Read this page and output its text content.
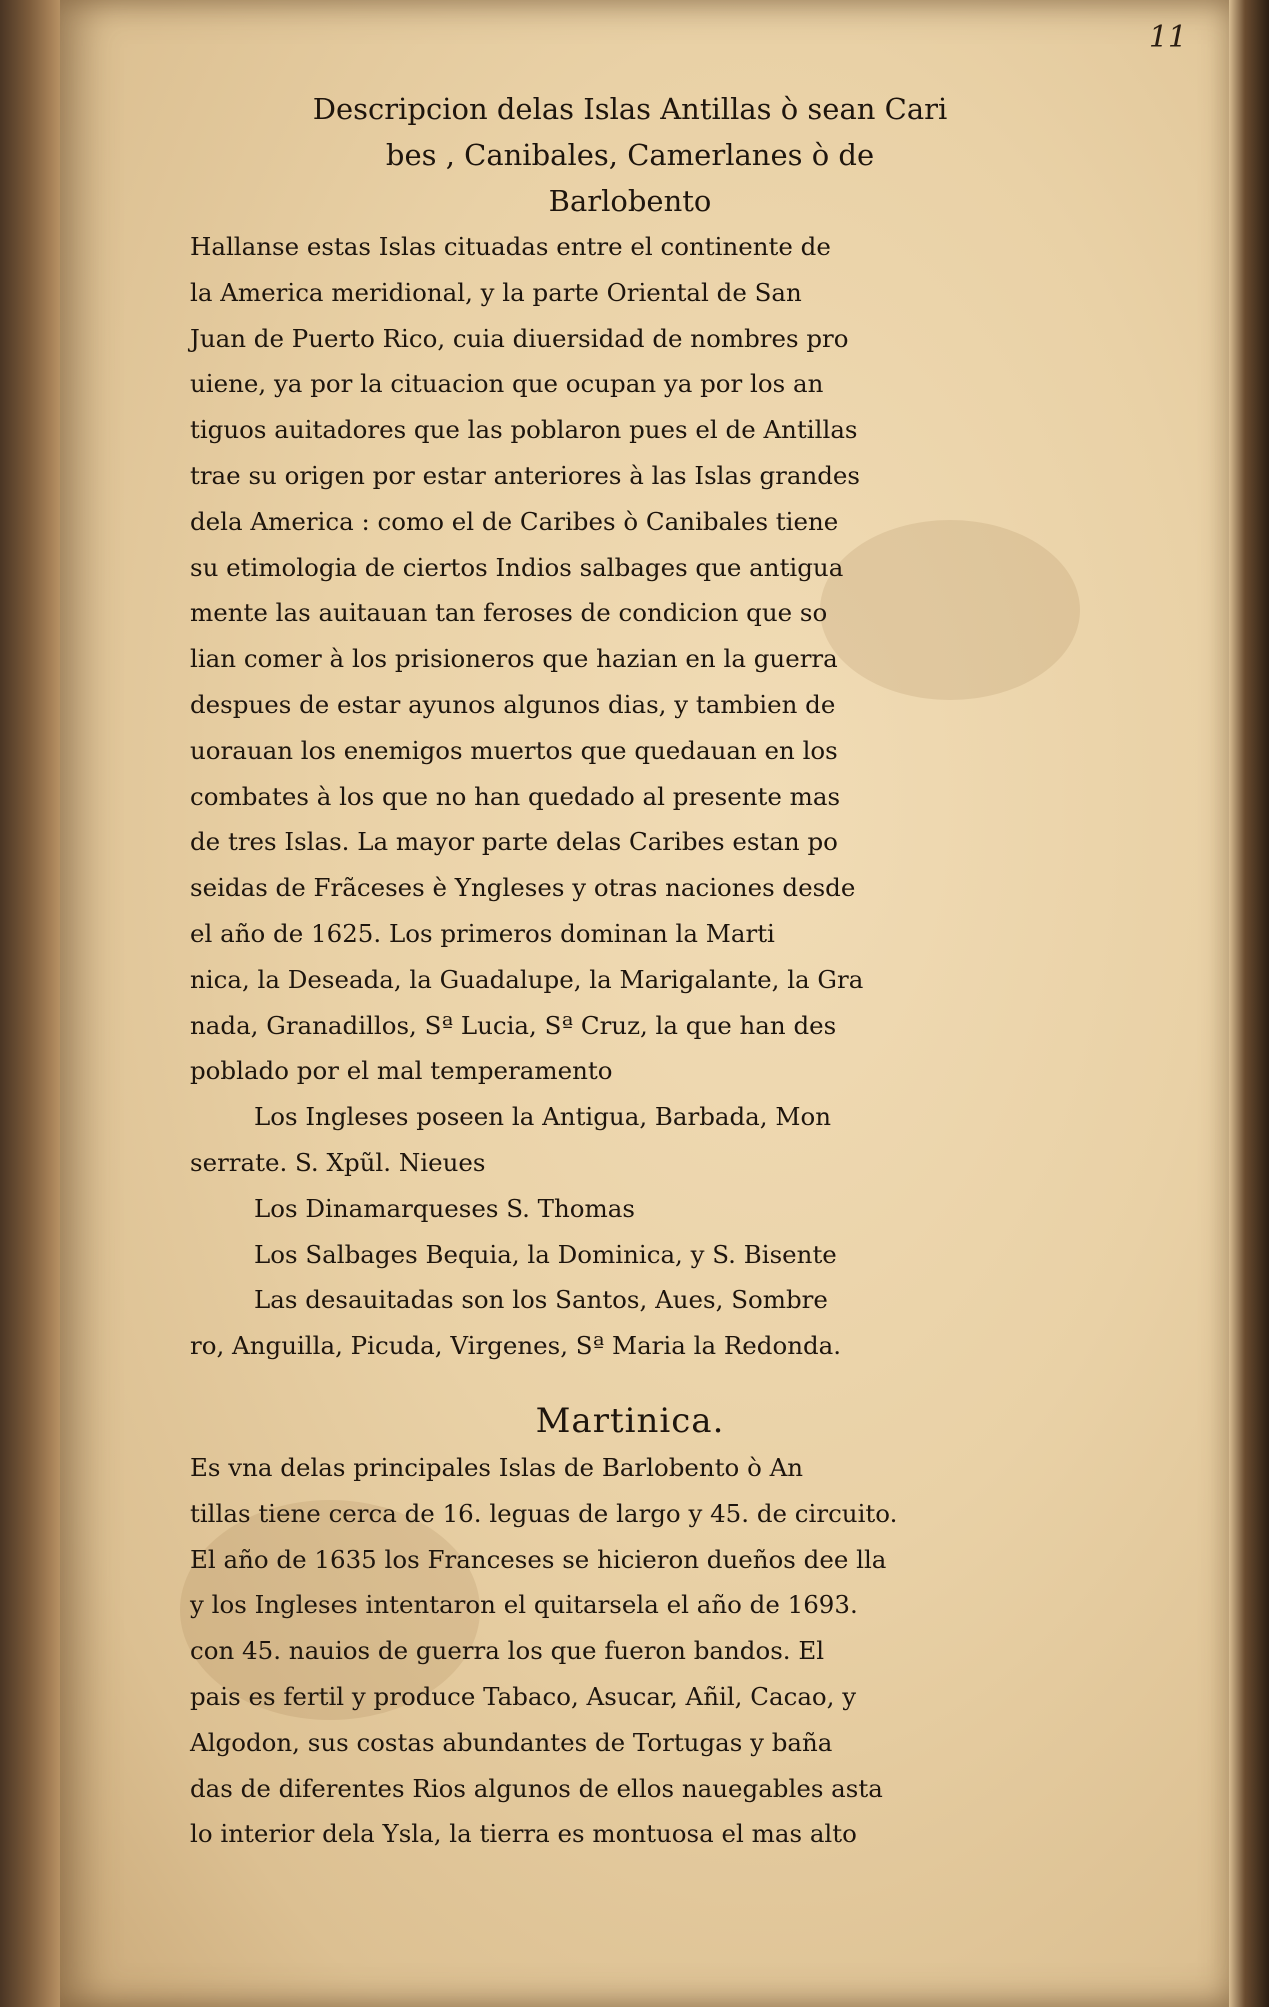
11
Descripcion delas Islas Antillas ò sean Cari
bes , Canibales, Camerlanes ò de
Barlobento

Hallanse estas Islas cituadas entre el continente de
la America meridional, y la parte Oriental de San
Juan de Puerto Rico, cuia diuersidad de nombres pro
uiene, ya por la cituacion que ocupan ya por los an
tiguos auitadores que las poblaron pues el de Antillas
trae su origen por estar anteriores à las Islas grandes
dela America : como el de Caribes ò Canibales tiene
su etimologia de ciertos Indios salbages que antigua
mente las auitauan tan feroses de condicion que so
lian comer à los prisioneros que hazian en la guerra
despues de estar ayunos algunos dias, y tambien de
uorauan los enemigos muertos que quedauan en los
combates à los que no han quedado al presente mas
de tres Islas. La mayor parte delas Caribes estan po
seidas de Frãceses è Yngleses y otras naciones desde
el año de 1625. Los primeros dominan la Marti
nica, la Deseada, la Guadalupe, la Marigalante, la Gra
nada, Granadillos, Sª Lucia, Sª Cruz, la que han des
poblado por el mal temperamento

Los Ingleses poseen la Antigua, Barbada, Mon
serrate. S. Xpũl. Nieues
Los Dinamarqueses S. Thomas
Los Salbages Bequia, la Dominica, y S. Bisente
Las desauitadas son los Santos, Aues, Sombre
ro, Anguilla, Picuda, Virgenes, Sª Maria la Redonda.

Martinica.

Es vna delas principales Islas de Barlobento ò An
tillas tiene cerca de 16. leguas de largo y 45. de circuito.
El año de 1635 los Franceses se hicieron dueños dee lla
y los Ingleses intentaron el quitarsela el año de 1693.
con 45. nauios de guerra los que fueron bandos. El
pais es fertil y produce Tabaco, Asucar, Añil, Cacao, y
Algodon, sus costas abundantes de Tortugas y baña
das de diferentes Rios algunos de ellos nauegables asta
lo interior dela Ysla, la tierra es montuosa el mas alto
